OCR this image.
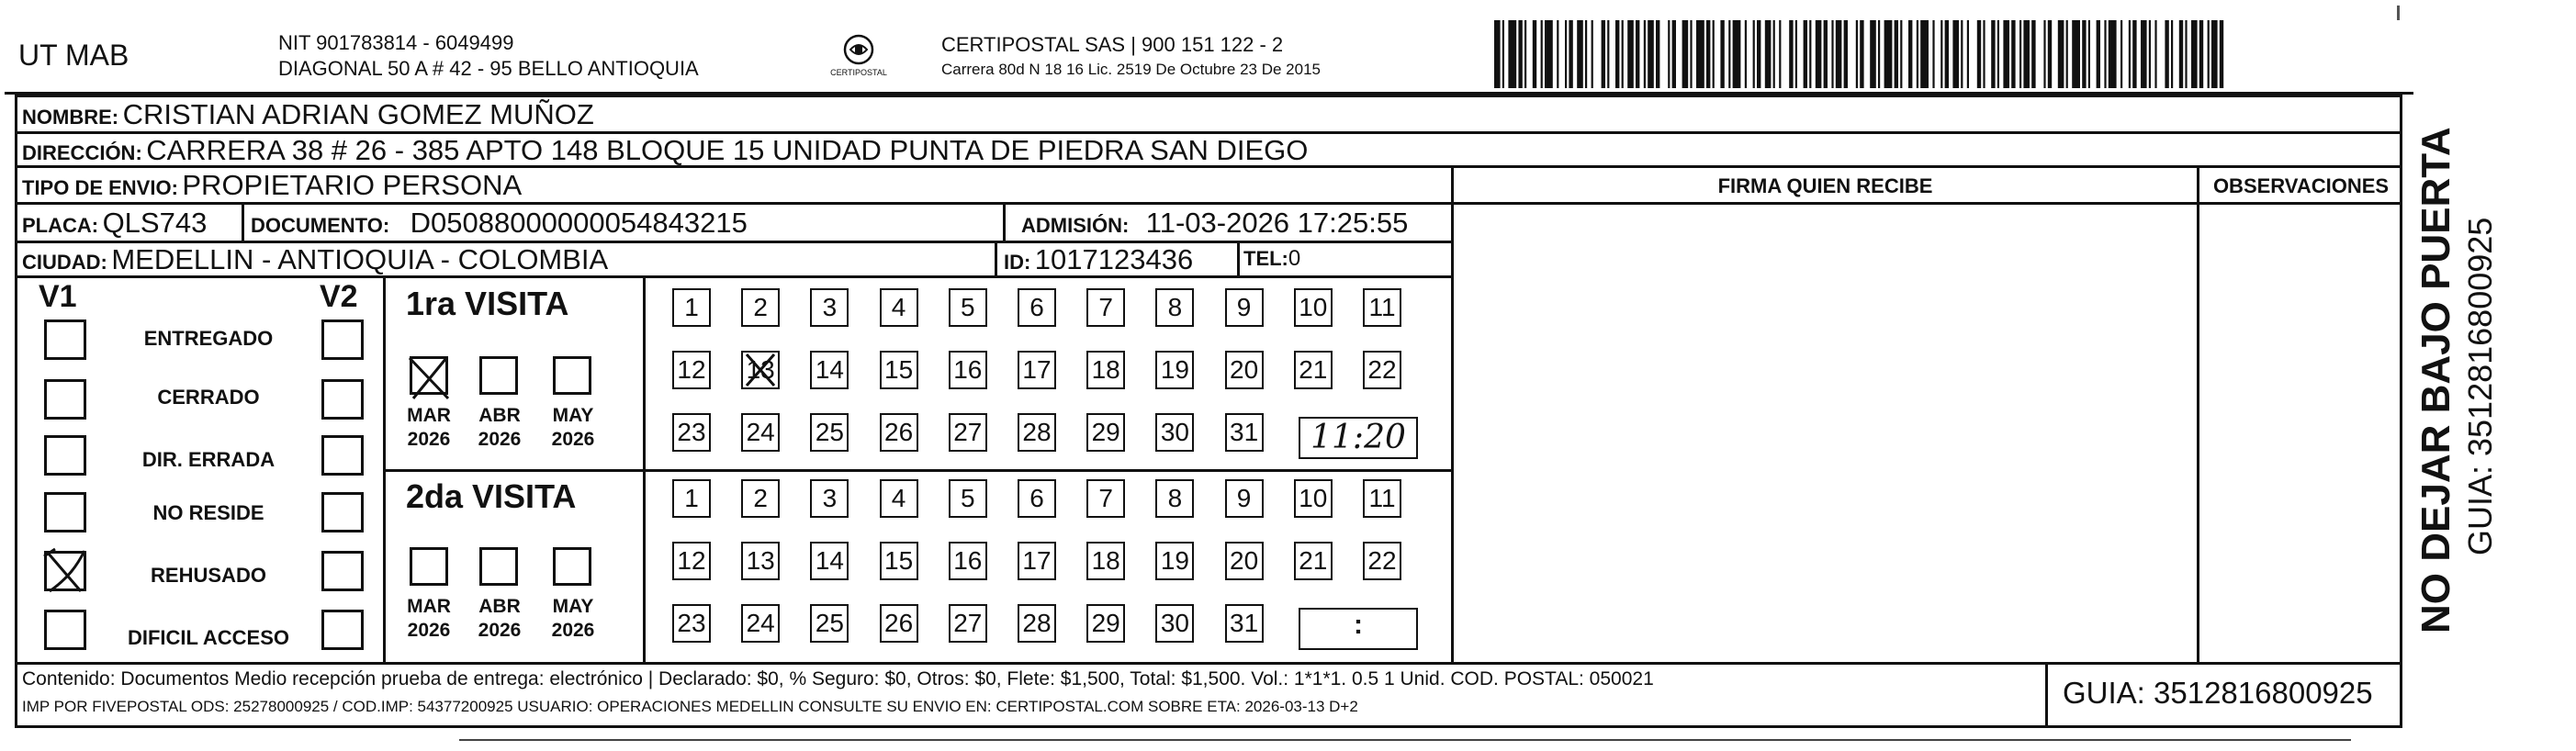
UT MAB	NIT 901783814 - 6049499
DIAGONAL 50 A # 42 - 95 BELLO ANTIOQUIA	CERTIPOSTAL
CERTIPOSTAL SAS | 900 151 122 - 2
Carrera 80d N 18 16 Lic. 2519 De Octubre 23 De 2015
NOMBRE: CRISTIAN ADRIAN GOMEZ MUÑOZ
DIRECCIÓN: CARRERA 38 # 26 - 385 APTO 148 BLOQUE 15 UNIDAD PUNTA DE PIEDRA SAN DIEGO
TIPO DE ENVIO: PROPIETARIO PERSONA	FIRMA QUIEN RECIBE	OBSERVACIONES
PLACA: QLS743 DOCUMENTO: D05088000000054843215	ADMISIÓN: 11-03-2026 17:25:55
CIUDAD: MEDELLIN - ANTIOQUIA - COLOMBIA	ID: 1017123436 TEL:0
V1	V2
ENTREGADO
CERRADO
DIR. ERRADA
NO RESIDE
REHUSADO
DIFICIL ACCESO
1ra VISITA
MAR
2026
ABR
2026
MAY
2026
1	2	3	4	5	6	7	8	9	10 11
12 13 14 15 16 17 18 19 20 21 22
23 24 25 26 27 28 29 30 31	11:20
2da VISITA
MAR
2026
ABR
2026
MAY
2026
1	2	3	4	5	6	7	8	9	10 11
12 13 14 15 16 17 18 19 20 21 22
23 24 25 26 27 28 29 30 31	:
Contenido: Documentos Medio recepción prueba de entrega: electrónico | Declarado: $0, % Seguro: $0, Otros: $0, Flete: $1,500, Total: $1,500. Vol.: 1*1*1. 0.5 1 Unid. COD. POSTAL: 050021
IMP POR FIVEPOSTAL ODS: 25278000925 / COD.IMP: 54377200925 USUARIO: OPERACIONES MEDELLIN CONSULTE SU ENVIO EN: CERTIPOSTAL.COM SOBRE ETA: 2026-03-13 D+2	GUIA: 3512816800925
NO DEJAR BAJO PUERTA GUIA: 3512816800925
